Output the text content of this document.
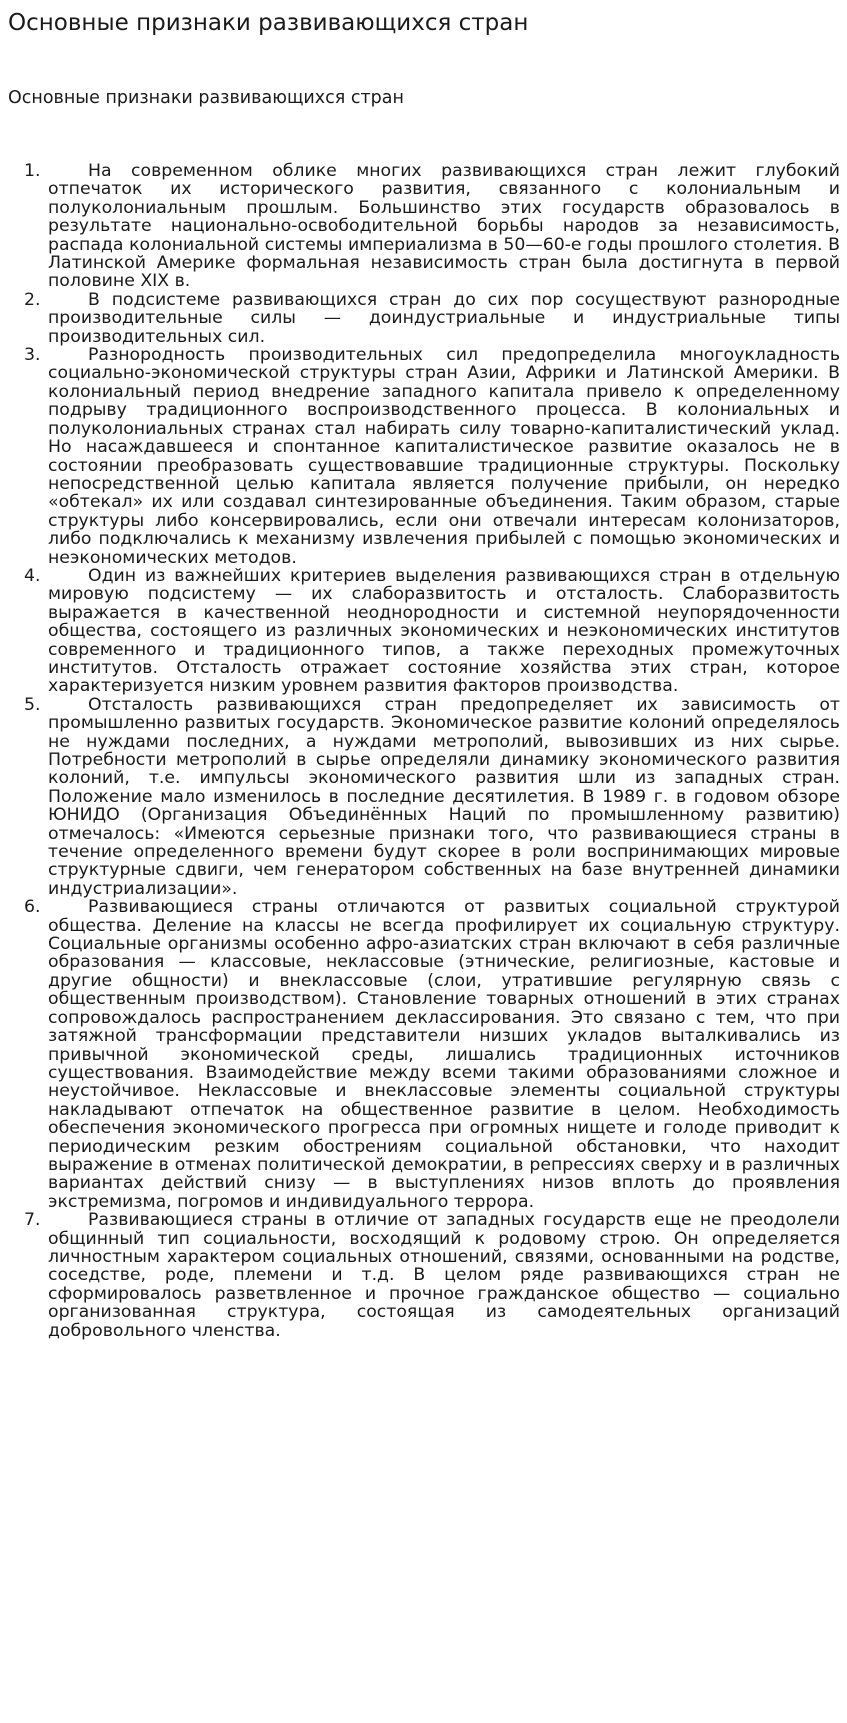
Основные признаки развивающихся стран
Основные признаки развивающихся стран
1.	На современном облике многих развивающихся стран лежит глубокий отпечаток их исторического развития, связанного с колониальным и полуколониальным прошлым. Большинство этих государств образовалось в результате национально-освободительной борьбы народов за независимость, распада колониальной системы империализма в 50—60-е годы прошлого столетия. В Латинской Америке формальная независимость стран была достигнута в первой половине XIX в.
2.	В подсистеме развивающихся стран до сих пор сосуществуют разнородные производительные силы — доиндустриальные и индустриальные типы производительных сил.
3.	Разнородность производительных сил предопределила многоукладность социально-экономической структуры стран Азии, Африки и Латинской Америки. В колониальный период внедрение западного капитала привело к определенному подрыву традиционного воспроизводственного процесса. В колониальных и полуколониальных странах стал набирать силу товарно-капиталистический уклад. Но насаждавшееся и спонтанное капиталистическое развитие оказалось не в состоянии преобразовать существовавшие традиционные структуры. Поскольку непосредственной целью капитала является получение прибыли, он нередко «обтекал» их или создавал синтезированные объединения. Таким образом, старые структуры либо консервировались, если они отвечали интересам колонизаторов, либо подключались к механизму извлечения прибылей с помощью экономических и неэкономических методов.
4.	Один из важнейших критериев выделения развивающихся стран в отдельную мировую подсистему — их слаборазвитость и отсталость. Слаборазвитость выражается в качественной неоднородности и системной неупорядоченности общества, состоящего из различных экономических и неэкономических институтов современного и традиционного типов, а также переходных промежуточных институтов. Отсталость отражает состояние хозяйства этих стран, которое характеризуется низким уровнем развития факторов производства.
5.	Отсталость развивающихся стран предопределяет их зависимость от промышленно развитых государств. Экономическое развитие колоний определялось не нуждами последних, а нуждами метрополий, вывозивших из них сырье. Потребности метрополий в сырье определяли динамику экономического развития колоний, т.е. импульсы экономического развития шли из западных стран. Положение мало изменилось в последние десятилетия. В 1989 г. в годовом обзоре ЮНИДО (Организация Объединённых Наций по промышленному развитию) отмечалось: «Имеются серьезные признаки того, что развивающиеся страны в течение определенного времени будут скорее в роли воспринимающих мировые структурные сдвиги, чем генератором собственных на базе внутренней динамики индустриализации».
6.	Развивающиеся страны отличаются от развитых социальной структурой общества. Деление на классы не всегда профилирует их социальную структуру. Социальные организмы особенно афро-азиатских стран включают в себя различные образования — классовые, неклассовые (этнические, религиозные, кастовые и другие общности) и внеклассовые (слои, утратившие регулярную связь с общественным производством). Становление товарных отношений в этих странах сопровождалось распространением деклассирования. Это связано с тем, что при затяжной трансформации представители низших укладов выталкивались из привычной экономической среды, лишались традиционных источников существования. Взаимодействие между всеми такими образованиями сложное и неустойчивое. Неклассовые и внеклассовые элементы социальной структуры накладывают отпечаток на общественное развитие в целом. Необходимость обеспечения экономического прогресса при огромных нищете и голоде приводит к периодическим резким обострениям социальной обстановки, что находит выражение в отменах политической демократии, в репрессиях сверху и в различных вариантах действий снизу — в выступлениях низов вплоть до проявления экстремизма, погромов и индивидуального террора.
7.	Развивающиеся страны в отличие от западных государств еще не преодолели общинный тип социальности, восходящий к родовому строю. Он определяется личностным характером социальных отношений, связями, основанными на родстве, соседстве, роде, племени и т.д. В целом ряде развивающихся стран не сформировалось разветвленное и прочное гражданское общество — социально организованная структура, состоящая из самодеятельных организаций добровольного членства.
